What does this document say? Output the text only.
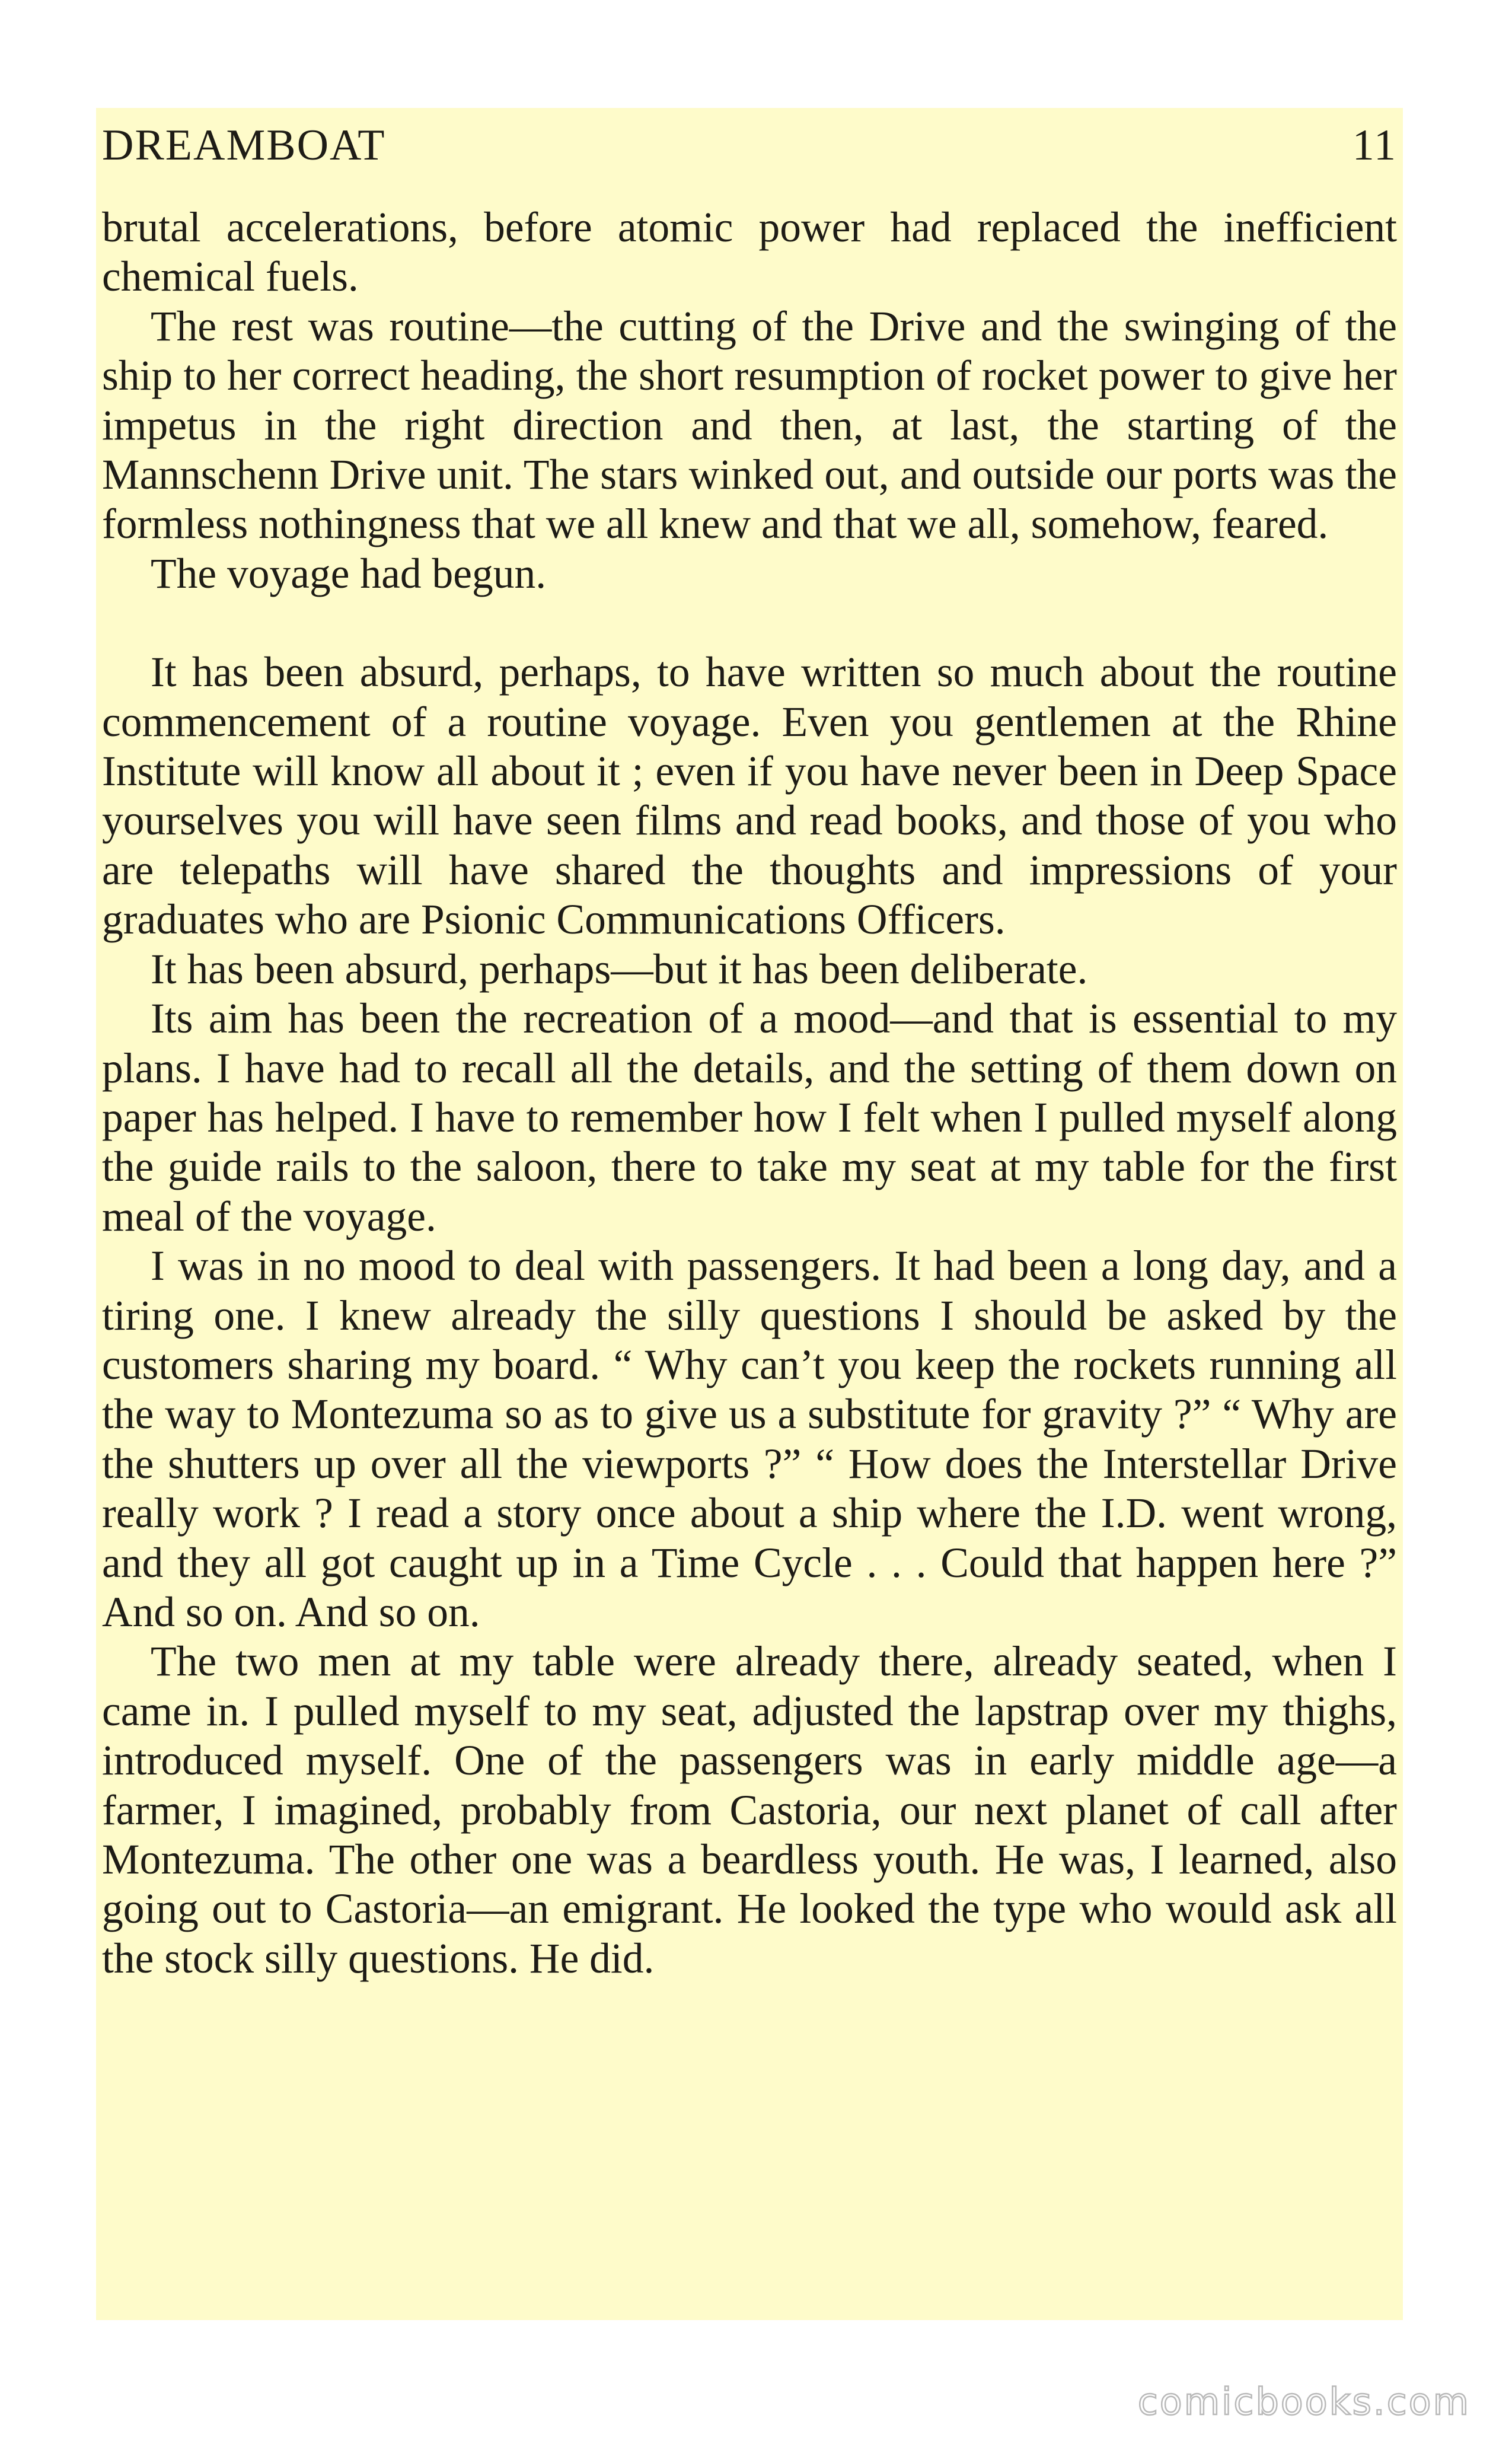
DREAMBOAT	11

brutal accelerations, before atomic power had replaced the inefficient chemical fuels.

The rest was routine—the cutting of the Drive and the swinging of the ship to her correct heading, the short resumption of rocket power to give her impetus in the right direction and then, at last, the starting of the Mannschenn Drive unit. The stars winked out, and outside our ports was the formless nothingness that we all knew and that we all, somehow, feared.

The voyage had begun.

It has been absurd, perhaps, to have written so much about the routine commencement of a routine voyage. Even you gentlemen at the Rhine Institute will know all about it ; even if you have never been in Deep Space yourselves you will have seen films and read books, and those of you who are telepaths will have shared the thoughts and impressions of your graduates who are Psionic Communications Officers.

It has been absurd, perhaps—but it has been deliberate.

Its aim has been the recreation of a mood—and that is essential to my plans. I have had to recall all the details, and the setting of them down on paper has helped. I have to remember how I felt when I pulled myself along the guide rails to the saloon, there to take my seat at my table for the first meal of the voyage.

I was in no mood to deal with passengers. It had been a long day, and a tiring one. I knew already the silly questions I should be asked by the customers sharing my board. “ Why can’t you keep the rockets running all the way to Montezuma so as to give us a substitute for gravity ?” “ Why are the shutters up over all the viewports ?” “ How does the Interstellar Drive really work ? I read a story once about a ship where the I.D. went wrong, and they all got caught up in a Time Cycle . . . Could that happen here ?” And so on. And so on.

The two men at my table were already there, already seated, when I came in. I pulled myself to my seat, adjusted the lapstrap over my thighs, introduced myself. One of the passengers was in early middle age—a farmer, I imagined, probably from Castoria, our next planet of call after Montezuma. The other one was a beardless youth. He was, I learned, also going out to Castoria—an emigrant. He looked the type who would ask all the stock silly questions. He did.

comicbooks.com
